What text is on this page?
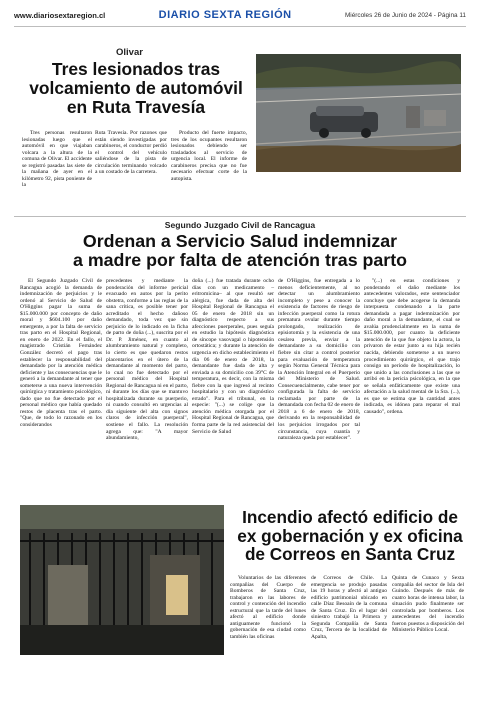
www.diariosextaregion.cl	DIARIO SEXTA REGIÓN	Miércoles 26 de Junio de 2024 - Página 11
Olivar
Tres lesionados tras
volcamiento de automóvil
en Ruta Travesía

Tres personas resultaron lesionadas luego que el automóvil en que viajaban volcara a la altura de la comuna de Olivar. El accidente se registró pasadas las siete de la mañana de ayer en el kilómetro 92, pista poniente de la

Ruta Travesía. Por razones que están siendo investigadas por carabineros, el conductor perdió el control del vehículo saliéndose de la pista de circulación terminando volcado a un costado de la carretera.

Producto del fuerte impacto, tres de los ocupantes resultaron lesionados debiendo ser trasladados al servicio de urgencia local. El informe de carabineros precisa que no fue necesario efectuar corte de la autopista.

Segundo Juzgado Civil de Rancagua
Ordenan a Servicio Salud indemnizar
a madre por falta de atención tras parto

El Segundo Juzgado Civil de Rancagua acogió la demanda de indemnización de perjuicios y le ordenó al Servicio de Salud de O'Higgins pagar la suma de $15.000.000 por concepto de daño moral y $604.100 por daño emergente, a por la falta de servicio tras parto en el Hospital Regional, en enero de 2022. En el fallo, el magistrado Cristián Fernández González decretó el pago tras establecer la responsabilidad del demandado por la atención médica deficiente y las consecuencias que le generó a la demandante al tener que someterse a una nueva intervención quirúrgica y tratamiento psicológico, dado que no fue detectado por el personal médico que había quedado restos de placenta tras el parto. "Que, de todo lo razonado en los considerandos

precedentes y mediante la ponderación del informe pericial evacuado en autos por la perito obstetra, conforme a las reglas de la sana crítica, es posible tener por acreditado el hecho dañoso demandado, toda vez que sin perjuicio de lo indicado en la ficha de parto de doña (...), suscrita por el Dr. P. Jiménez, en cuanto al alumbramiento natural y completo, lo cierto es que quedaron restos placentarios en el útero de la demandante al momento del parto, lo cual no fue detectado por el personal médico del Hospital Regional de Rancagua ni en el parto, ni durante los días que se mantuvo hospitalizada durante su puerperio, ni cuando consultó en urgencias al día siguiente del alta con signos claros de infección puerperal", sostiene el fallo. La resolución agrega que: "A mayor abundamiento,

doña (...) fue tratada durante ocho días con un medicamento –eritromicina– al que resultó ser alérgica, fue dada de alta del Hospital Regional de Rancagua el 05 de enero de 2018 sin un diagnóstico respecto a sus afecciones puerperales, pues seguía en estudio la hipótesis diagnóstica de síncope vasovagal o hipotensión ortostática; y durante la atención de urgencia en dicho establecimiento el día 06 de enero de 2018, la demandante fue dada de alta y enviada a su domicilio con 39°C de temperatura, es decir, con la misma fiebre con la que ingresó al recinto hospitalario y con un diagnóstico errado". Para el tribunal, en la especie: "(...) se colige que la atención médica otorgada por el Hospital Regional de Rancagua, que forma parte de la red asistencial del Servicio de Salud

de O'Higgins, fue entregada a lo menos deficientemente, al no detectar un alumbramiento incompleto y pese a conocer la existencia de factores de riesgo de infección puerperal como la rotura prematura ovular durante tiempo prolongado, realización de episiotomía y la existencia de una cesárea previa, enviar a la demandante a su domicilio con fiebre sin citar a control posterior para evaluación de temperatura según Norma General Técnica para la Atención Integral en el Puerperio del Ministerio de Salud. Consecuencialmente, cabe tener por configurada la falta de servicio reclamada por parte de la demandada con fecha 02 de enero de 2018 a 6 de enero de 2018, derivando en la responsabilidad de los perjuicios irrogados por tal circunstancia, cuya cuantía y naturaleza queda por establecer".

"(...) en estas condiciones y ponderando el daño mediante los antecedentes valorados, este sentenciador concluye que debe acogerse la demanda interpuesta condenando a la parte demandada a pagar indemnización por daño moral a la demandante, el cual se avalúa prudencialmente en la suma de $15.000.000, por cuanto la deficiente atención de la que fue objeto la actora, la privaron de estar junto a su hija recién nacida, debiendo someterse a un nuevo procedimiento quirúrgico, el que trajo consigo un período de hospitalización, lo que unido a las conclusiones a las que se arribó en la pericia psicológica, en la que se señala enfáticamente que existe una afectación a la salud mental de la Sra. (...), es que se estima que la cantidad antes indicada, es idónea para reparar el mal causado", ordena.

Incendio afectó edificio de
ex gobernación y ex oficina
de Correos en Santa Cruz

Voluntarios de las diferentes compañías del Cuerpo de Bomberos de Santa Cruz, trabajaron en las labores de control y contención del incendio estructural que la tarde del lunes afectó al edificio donde antiguamente funcionó la gobernación de esa ciudad como también las oficinas

de Correos de Chile. La emergencia se produjo pasadas las 19 horas y afectó al antiguo edificio patrimonial ubicado en calle Díaz Besoaín de la comuna de Santa Cruz. En el lugar del siniestro trabajó la Primera y Segunda Compañía de Santa Cruz, Tercera de la localidad de Apalta,

Quinta de Cunaco y Sexta compañía del sector de Isla del Guindo. Después de más de cuatro horas de intensa labor, la situación pudo finalmente ser controlada por bomberos. Los antecedentes del incendio fueron puestos a disposición del Ministerio Público Local.
